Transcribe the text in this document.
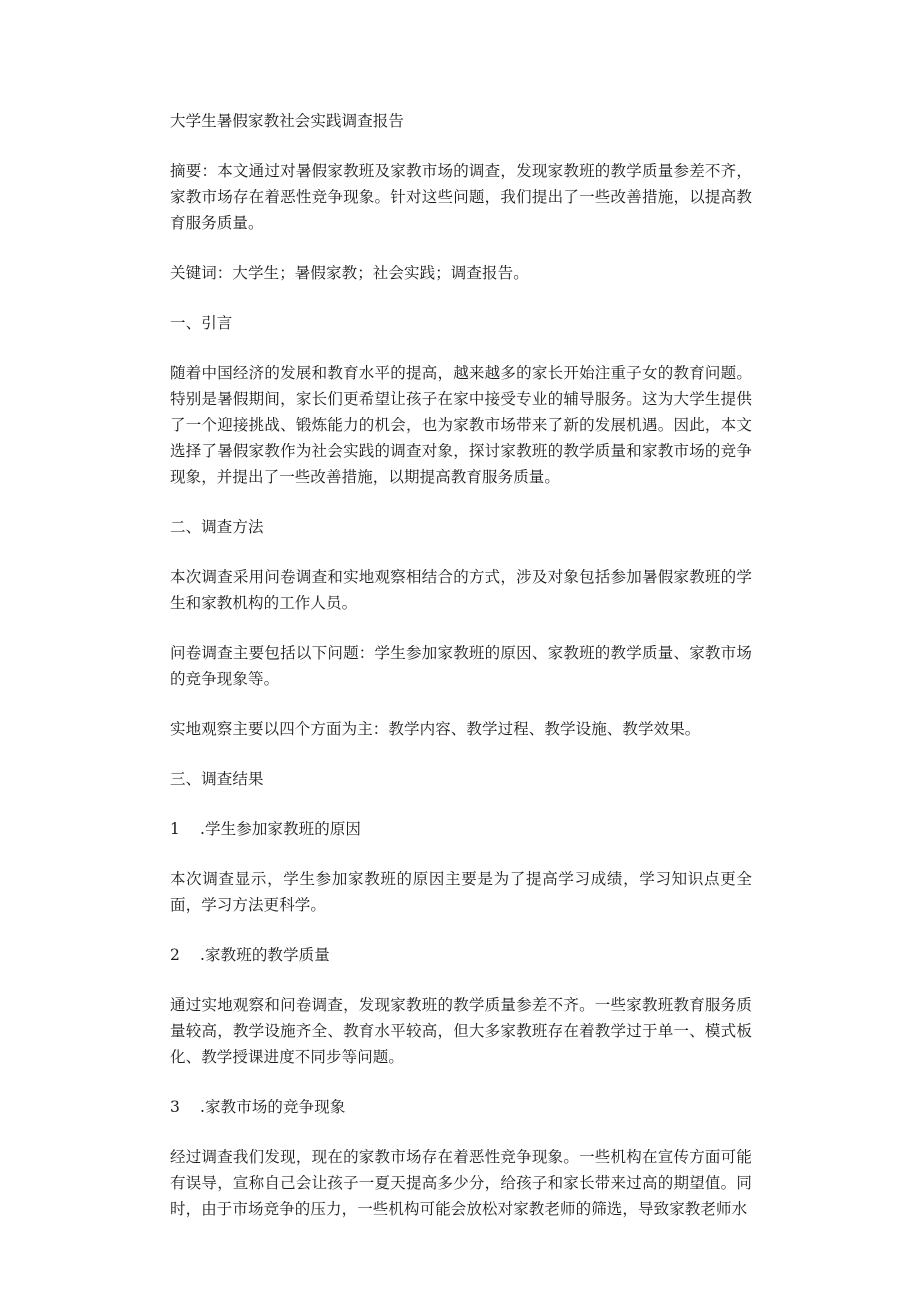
大学生暑假家教社会实践调查报告

摘要：本文通过对暑假家教班及家教市场的调查，发现家教班的教学质量参差不齐，家教市场存在着恶性竞争现象。针对这些问题，我们提出了一些改善措施，以提高教育服务质量。

关键词：大学生；暑假家教；社会实践；调查报告。

一、引言

随着中国经济的发展和教育水平的提高，越来越多的家长开始注重子女的教育问题。特别是暑假期间，家长们更希望让孩子在家中接受专业的辅导服务。这为大学生提供了一个迎接挑战、锻炼能力的机会，也为家教市场带来了新的发展机遇。因此，本文选择了暑假家教作为社会实践的调查对象，探讨家教班的教学质量和家教市场的竞争现象，并提出了一些改善措施，以期提高教育服务质量。

二、调查方法

本次调查采用问卷调查和实地观察相结合的方式，涉及对象包括参加暑假家教班的学生和家教机构的工作人员。

问卷调查主要包括以下问题：学生参加家教班的原因、家教班的教学质量、家教市场的竞争现象等。

实地观察主要以四个方面为主：教学内容、教学过程、教学设施、教学效果。

三、调查结果

1 .学生参加家教班的原因

本次调查显示，学生参加家教班的原因主要是为了提高学习成绩，学习知识点更全面，学习方法更科学。

2 .家教班的教学质量

通过实地观察和问卷调查，发现家教班的教学质量参差不齐。一些家教班教育服务质量较高，教学设施齐全、教育水平较高，但大多家教班存在着教学过于单一、模式板化、教学授课进度不同步等问题。

3 .家教市场的竞争现象

经过调查我们发现，现在的家教市场存在着恶性竞争现象。一些机构在宣传方面可能有误导，宣称自己会让孩子一夏天提高多少分，给孩子和家长带来过高的期望值。同时，由于市场竞争的压力，一些机构可能会放松对家教老师的筛选，导致家教老师水
